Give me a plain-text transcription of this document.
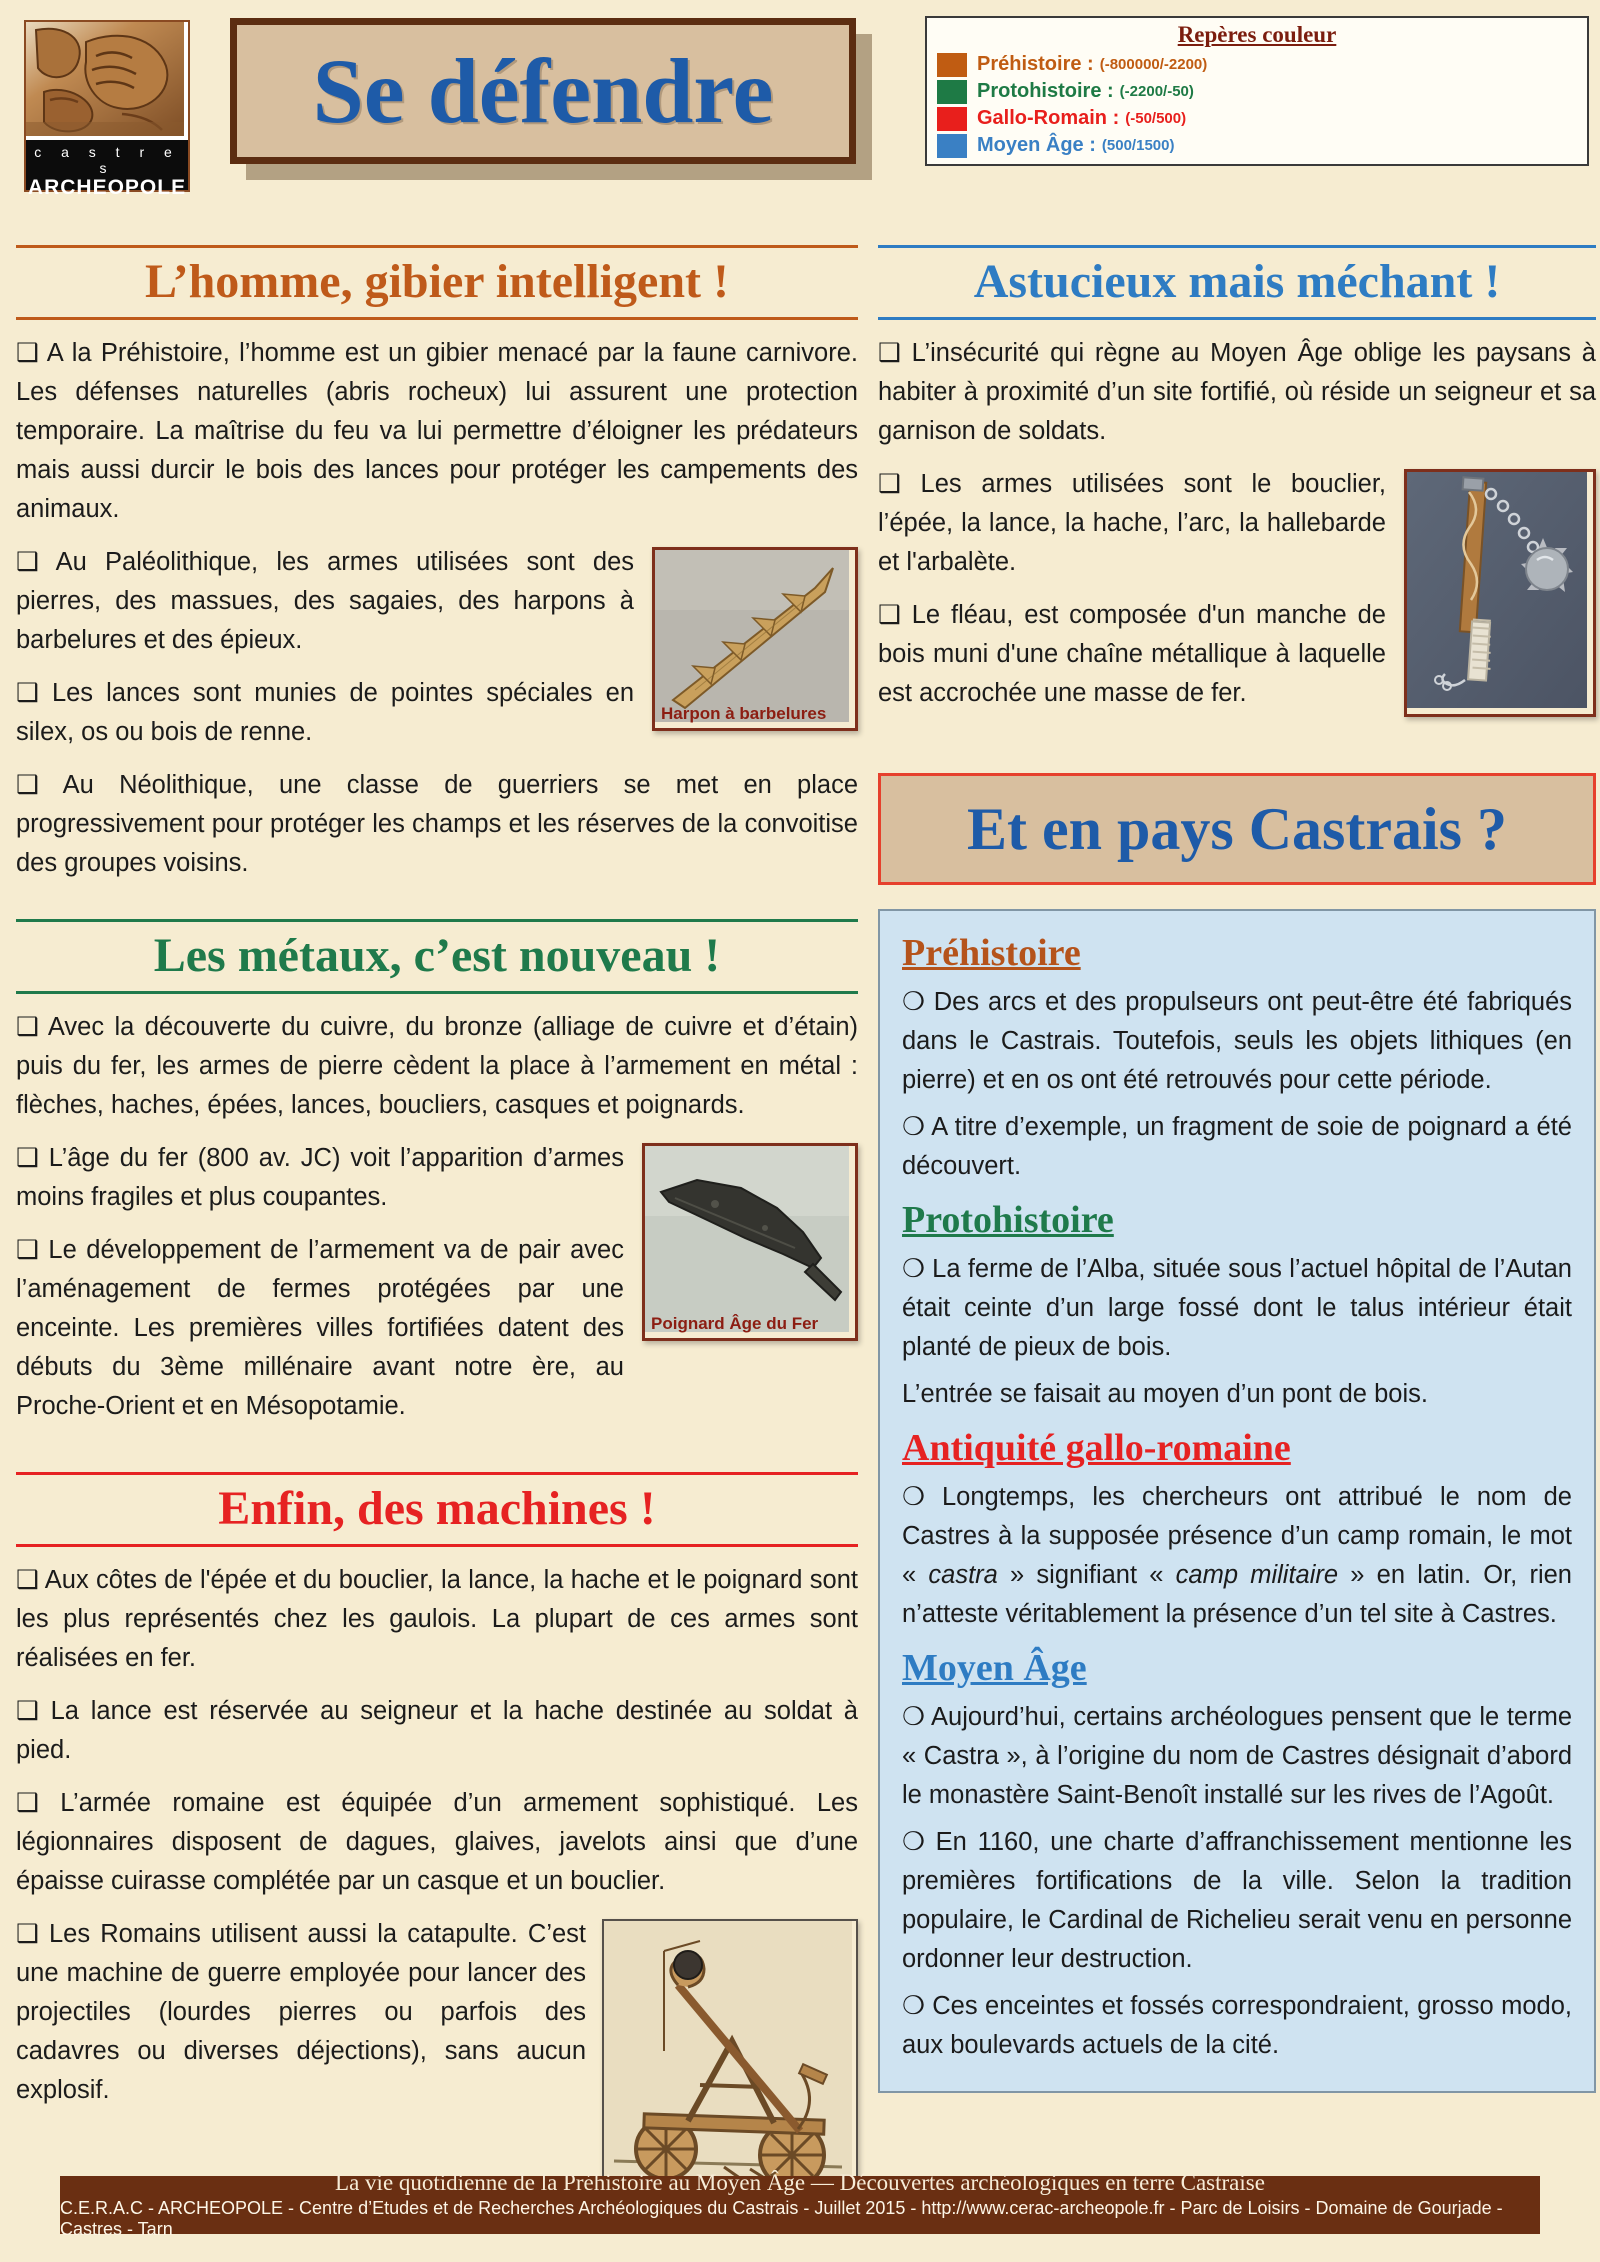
c a s t r e s
ARCHEOPOLE
Se défendre
Repères couleur
Préhistoire : (-800000/-2200)
Protohistoire : (-2200/-50)
Gallo-Romain : (-50/500)
Moyen Âge : (500/1500)
L’homme, gibier intelligent !

❑ A la Préhistoire, l’homme est un gibier menacé par la faune carnivore. Les défenses naturelles (abris rocheux) lui assurent une protection temporaire. La maîtrise du feu va lui permettre d’éloigner les prédateurs mais aussi durcir le bois des lances pour protéger les campements des animaux.

Harpon à barbelures

❑ Au Paléolithique, les armes utilisées sont des pierres, des massues, des sagaies, des harpons à barbelures et des épieux.

❑ Les lances sont munies de pointes spéciales en silex, os ou bois de renne.

❑ Au Néolithique, une classe de guerriers se met en place progressivement pour protéger les champs et les réserves de la convoitise des groupes voisins.

Les métaux, c’est nouveau !

❑ Avec la découverte du cuivre, du bronze (alliage de cuivre et d’étain) puis du fer, les armes de pierre cèdent la place à l’armement en métal : flèches, haches, épées, lances, boucliers, casques et poignards.

Poignard Âge du Fer

❑ L’âge du fer (800 av. JC) voit l’apparition d’armes moins fragiles et plus coupantes.

❑ Le développement de l’armement va de pair avec l’aménagement de fermes protégées par une enceinte. Les premières villes fortifiées datent des débuts du 3ème millénaire avant notre ère, au Proche-Orient et en Mésopotamie.

Enfin, des machines !

❑ Aux côtes de l'épée et du bouclier, la lance, la hache et le poignard sont les plus représentés chez les gaulois. La plupart de ces armes sont réalisées en fer.

❑ La lance est réservée au seigneur et la hache destinée au soldat à pied.

❑ L’armée romaine est équipée d’un armement sophistiqué. Les légionnaires disposent de dagues, glaives, javelots ainsi que d’une épaisse cuirasse complétée par un casque et un bouclier.

❑ Les Romains utilisent aussi la catapulte. C’est une machine de guerre employée pour lancer des projectiles (lourdes pierres ou parfois des cadavres ou diverses déjections), sans aucun explosif.

Astucieux mais méchant !

❑ L’insécurité qui règne au Moyen Âge oblige les paysans à habiter à proximité d’un site fortifié, où réside un seigneur et sa garnison de soldats.

❑ Les armes utilisées sont le bouclier, l’épée, la lance, la hache, l’arc, la hallebarde et l'arbalète.

❑ Le fléau, est composée d'un manche de bois muni d'une chaîne métallique à laquelle est accrochée une masse de fer.

Et en pays Castrais ?
Préhistoire

❍ Des arcs et des propulseurs ont peut-être été fabriqués dans le Castrais. Toutefois, seuls les objets lithiques (en pierre) et en os ont été retrouvés pour cette période.

❍ A titre d’exemple, un fragment de soie de poignard a été découvert.

Protohistoire

❍ La ferme de l’Alba, située sous l’actuel hôpital de l’Autan était ceinte d’un large fossé dont le talus intérieur était planté de pieux de bois.

L’entrée se faisait au moyen d’un pont de bois.

Antiquité gallo-romaine

❍ Longtemps, les chercheurs ont attribué le nom de Castres à la supposée présence d’un camp romain, le mot « castra » signifiant « camp militaire » en latin. Or, rien n’atteste véritablement la présence d’un tel site à Castres.

Moyen Âge

❍ Aujourd’hui, certains archéologues pensent que le terme « Castra », à l’origine du nom de Castres désignait d’abord le monastère Saint-Benoît installé sur les rives de l’Agoût.

❍ En 1160, une charte d’affranchissement mentionne les premières fortifications de la ville. Selon la tradition populaire, le Cardinal de Richelieu serait venu en personne ordonner leur destruction.

❍ Ces enceintes et fossés correspondraient, grosso modo, aux boulevards actuels de la cité.

La vie quotidienne de la Préhistoire au Moyen Âge — Découvertes archéologiques en terre Castraise
C.E.R.A.C - ARCHEOPOLE - Centre d’Etudes et de Recherches Archéologiques du Castrais - Juillet 2015 - http://www.cerac-archeopole.fr - Parc de Loisirs - Domaine de Gourjade - Castres - Tarn
